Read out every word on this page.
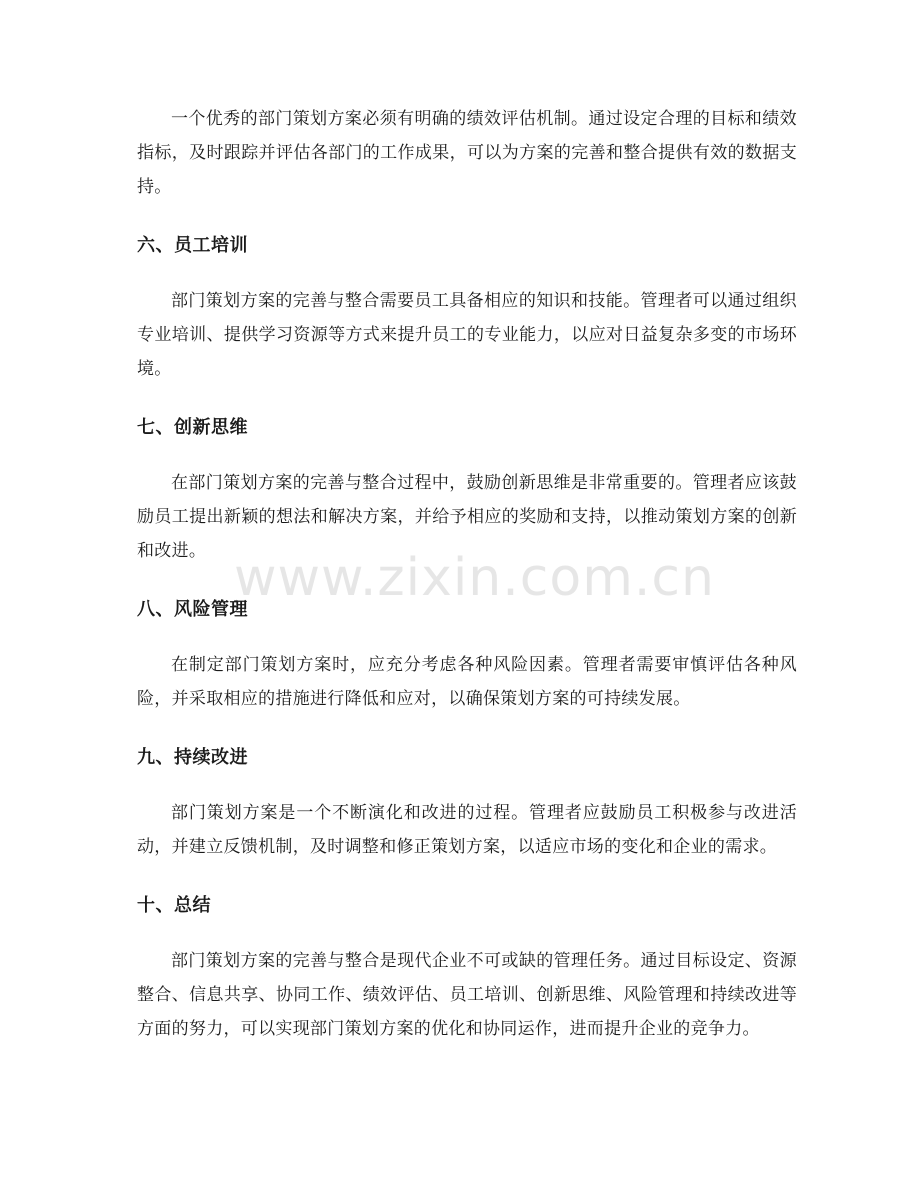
一个优秀的部门策划方案必须有明确的绩效评估机制。通过设定合理的目标和绩效指标，及时跟踪并评估各部门的工作成果，可以为方案的完善和整合提供有效的数据支持。

六、员工培训

部门策划方案的完善与整合需要员工具备相应的知识和技能。管理者可以通过组织专业培训、提供学习资源等方式来提升员工的专业能力，以应对日益复杂多变的市场环境。

七、创新思维

在部门策划方案的完善与整合过程中，鼓励创新思维是非常重要的。管理者应该鼓励员工提出新颖的想法和解决方案，并给予相应的奖励和支持，以推动策划方案的创新和改进。

八、风险管理

在制定部门策划方案时，应充分考虑各种风险因素。管理者需要审慎评估各种风险，并采取相应的措施进行降低和应对，以确保策划方案的可持续发展。

九、持续改进

部门策划方案是一个不断演化和改进的过程。管理者应鼓励员工积极参与改进活动，并建立反馈机制，及时调整和修正策划方案，以适应市场的变化和企业的需求。

十、总结

部门策划方案的完善与整合是现代企业不可或缺的管理任务。通过目标设定、资源整合、信息共享、协同工作、绩效评估、员工培训、创新思维、风险管理和持续改进等方面的努力，可以实现部门策划方案的优化和协同运作，进而提升企业的竞争力。

www.zixin.com.cn
